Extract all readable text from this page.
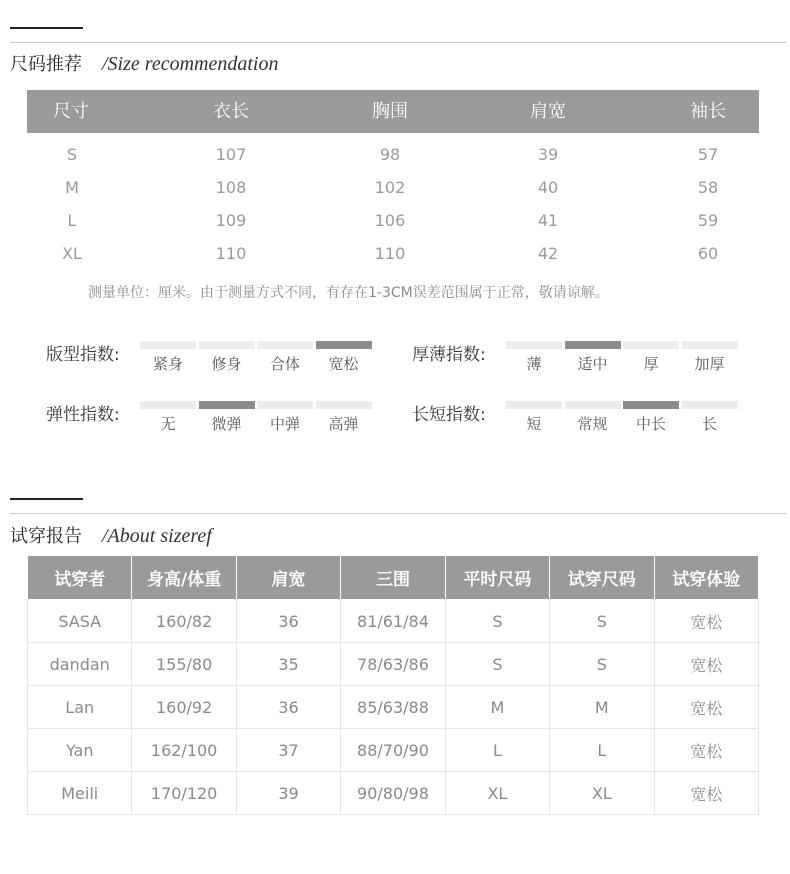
尺码推荐 /Size recommendation
尺寸	衣长	胸围	肩宽	袖长
S	107	98	39	57
M	108	102	40	58
L	109	106	41	59
XL	110	110	42	60
测量单位：厘米。由于测量方式不同，有存在1-3CM误差范围属于正常，敬请谅解。
版型指数:	紧身	修身	合体	宽松	厚薄指数:	薄	适中	厚	加厚
弹性指数:	无	微弹	中弹	高弹	长短指数:	短	常规	中长	长
试穿报告 /About sizeref
试穿者	身高/体重	肩宽	三围	平时尺码	试穿尺码	试穿体验
SASA	160/82	36	81/61/84	S	S	宽松
dandan	155/80	35	78/63/86	S	S	宽松
Lan	160/92	36	85/63/88	M	M	宽松
Yan	162/100	37	88/70/90	L	L	宽松
Meili	170/120	39	90/80/98	XL	XL	宽松
